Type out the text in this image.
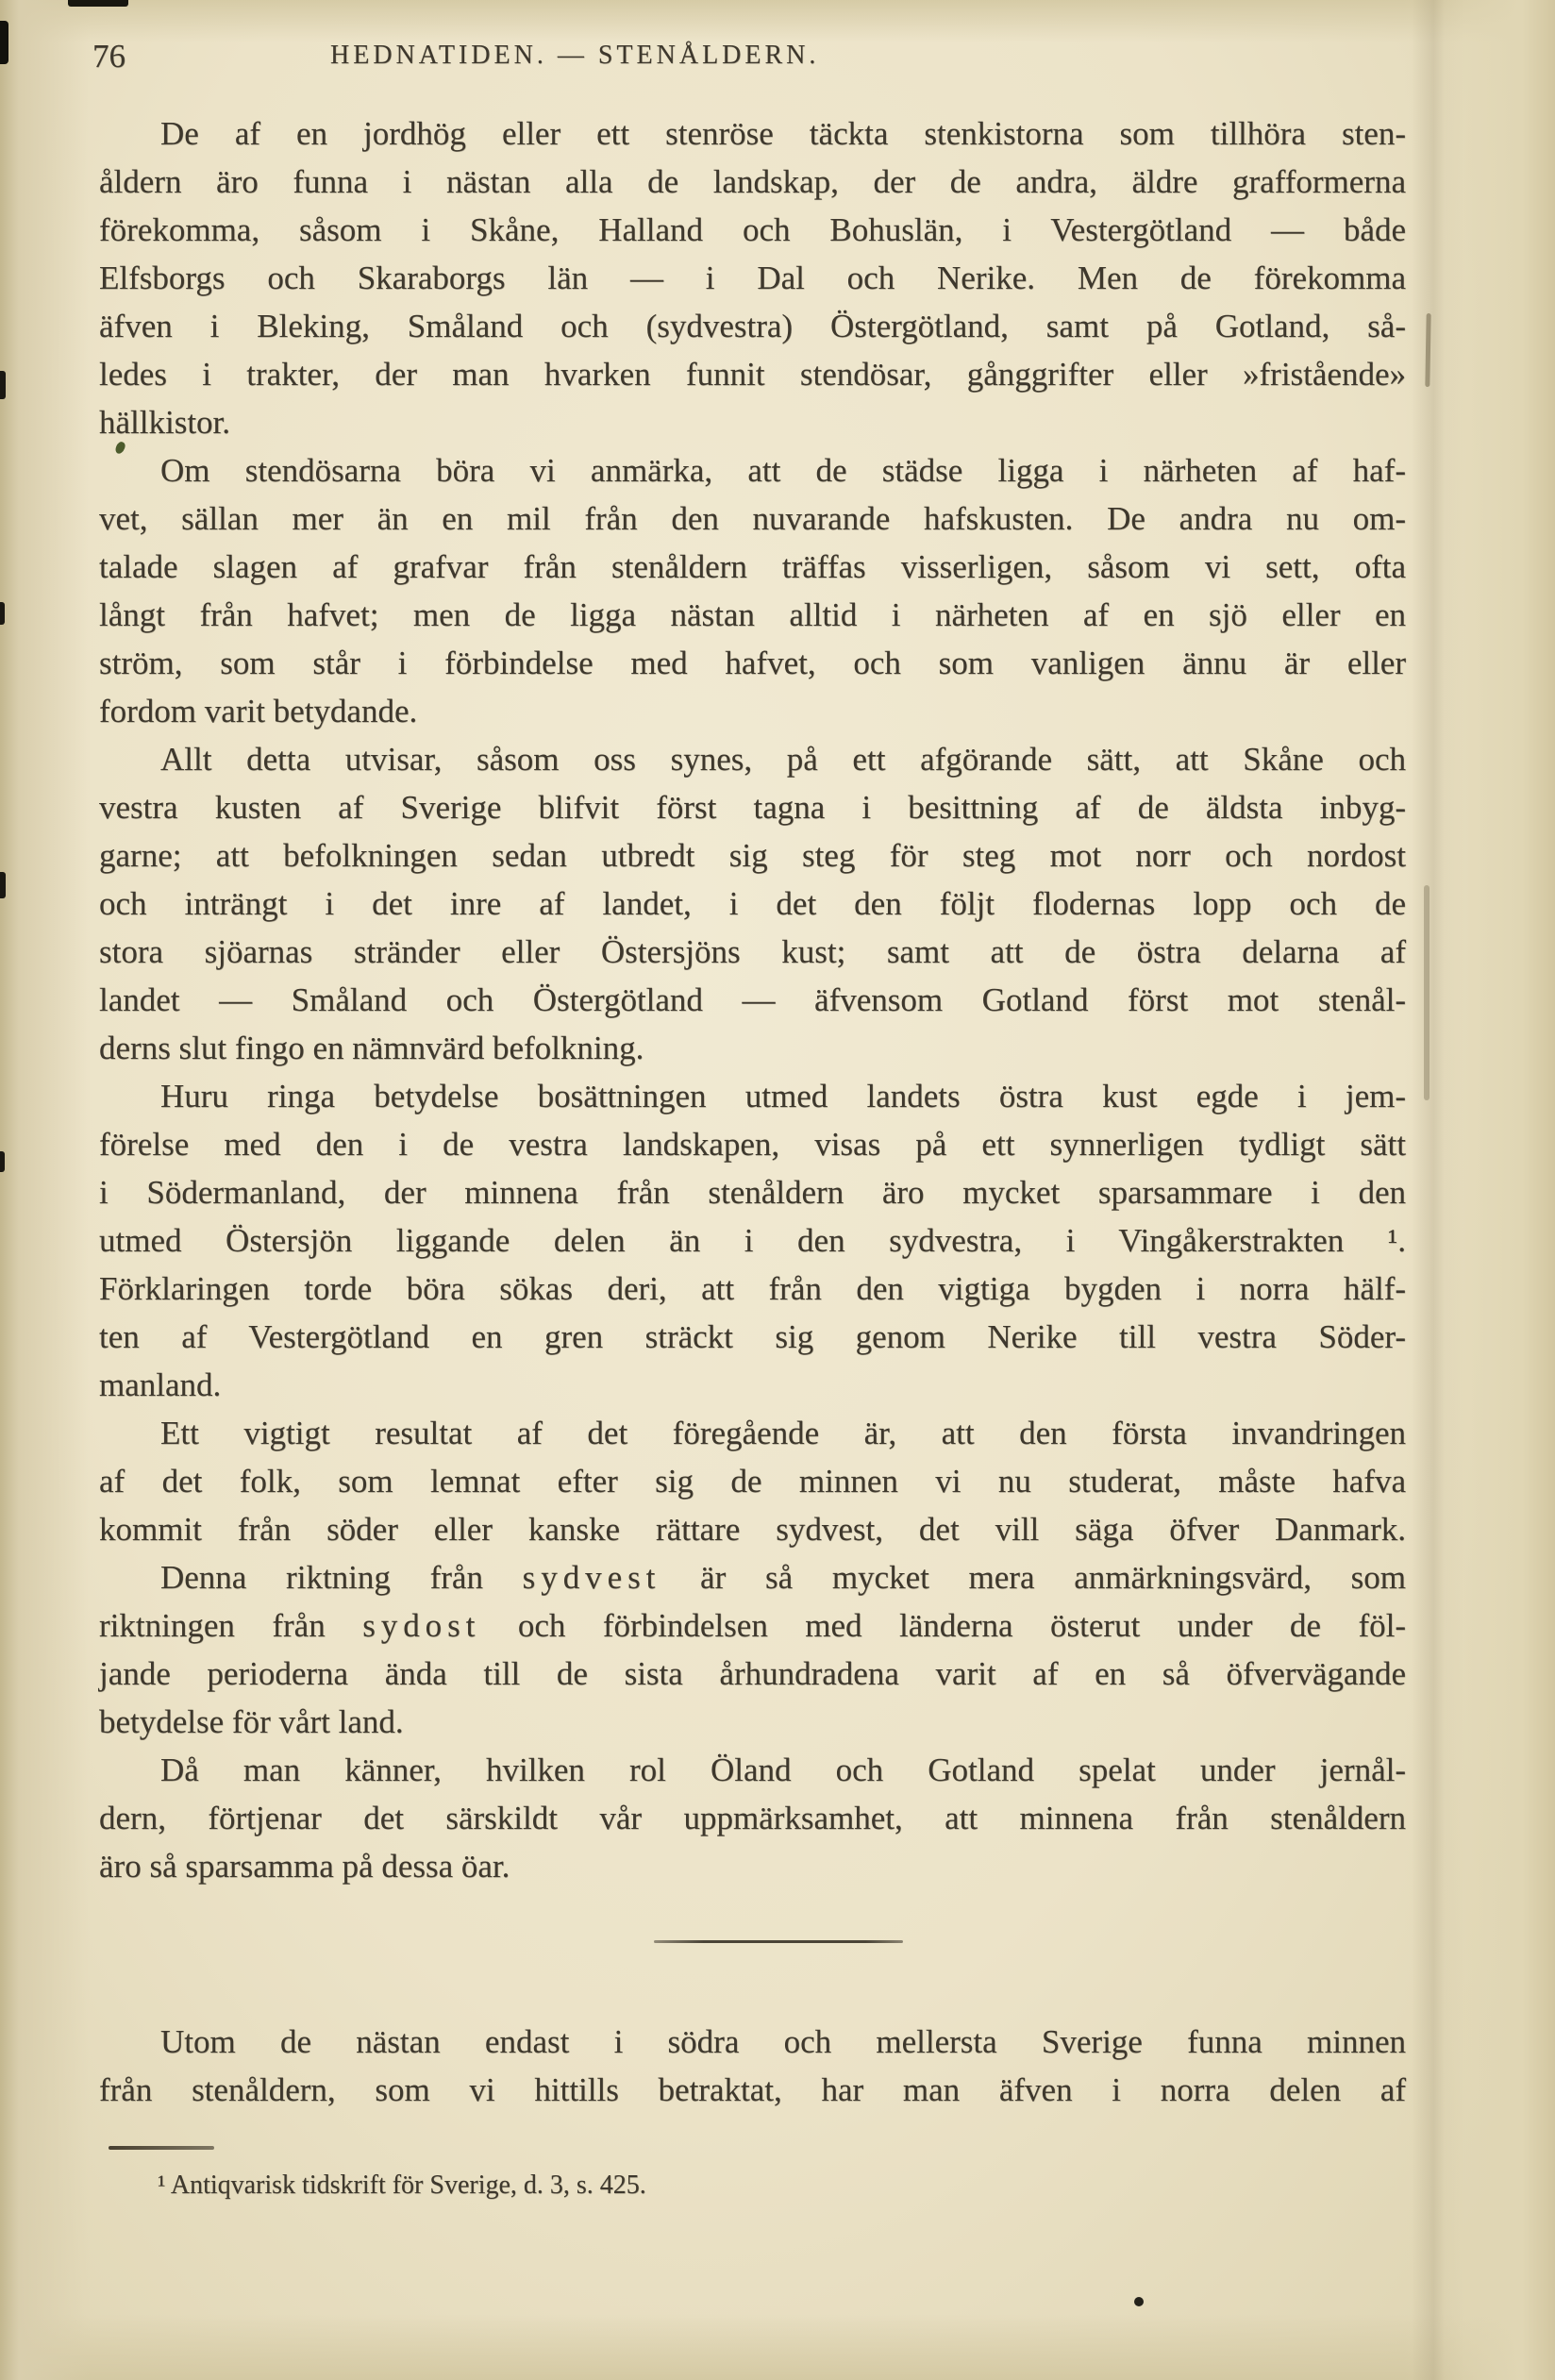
76	HEDNATIDEN. — STENÅLDERN.
De af en jordhög eller ett stenröse täckta stenkistorna som tillhöra sten-
åldern äro funna i nästan alla de landskap, der de andra, äldre grafformerna
förekomma, såsom i Skåne, Halland och Bohuslän, i Vestergötland — både
Elfsborgs och Skaraborgs län — i Dal och Nerike. Men de förekomma
äfven i Bleking, Småland och (sydvestra) Östergötland, samt på Gotland, så-
ledes i trakter, der man hvarken funnit stendösar, gånggrifter eller »fristående»
hällkistor.
Om stendösarna böra vi anmärka, att de städse ligga i närheten af haf-
vet, sällan mer än en mil från den nuvarande hafskusten. De andra nu om-
talade slagen af grafvar från stenåldern träffas visserligen, såsom vi sett, ofta
långt från hafvet; men de ligga nästan alltid i närheten af en sjö eller en
ström, som står i förbindelse med hafvet, och som vanligen ännu är eller
fordom varit betydande.
Allt detta utvisar, såsom oss synes, på ett afgörande sätt, att Skåne och
vestra kusten af Sverige blifvit först tagna i besittning af de äldsta inbyg-
garne; att befolkningen sedan utbredt sig steg för steg mot norr och nordost
och inträngt i det inre af landet, i det den följt flodernas lopp och de
stora sjöarnas stränder eller Östersjöns kust; samt att de östra delarna af
landet — Småland och Östergötland — äfvensom Gotland först mot stenål-
derns slut fingo en nämnvärd befolkning.
Huru ringa betydelse bosättningen utmed landets östra kust egde i jem-
förelse med den i de vestra landskapen, visas på ett synnerligen tydligt sätt
i Södermanland, der minnena från stenåldern äro mycket sparsammare i den
utmed Östersjön liggande delen än i den sydvestra, i Vingåkerstrakten ¹.
Förklaringen torde böra sökas deri, att från den vigtiga bygden i norra hälf-
ten af Vestergötland en gren sträckt sig genom Nerike till vestra Söder-
manland.
Ett vigtigt resultat af det föregående är, att den första invandringen
af det folk, som lemnat efter sig de minnen vi nu studerat, måste hafva
kommit från söder eller kanske rättare sydvest, det vill säga öfver Danmark.
Denna riktning från sydvest är så mycket mera anmärkningsvärd, som
riktningen från sydost och förbindelsen med länderna österut under de föl-
jande perioderna ända till de sista århundradena varit af en så öfvervägande
betydelse för vårt land.
Då man känner, hvilken rol Öland och Gotland spelat under jernål-
dern, förtjenar det särskildt vår uppmärksamhet, att minnena från stenåldern
äro så sparsamma på dessa öar.
Utom de nästan endast i södra och mellersta Sverige funna minnen
från stenåldern, som vi hittills betraktat, har man äfven i norra delen af
¹ Antiqvarisk tidskrift för Sverige, d. 3, s. 425.
